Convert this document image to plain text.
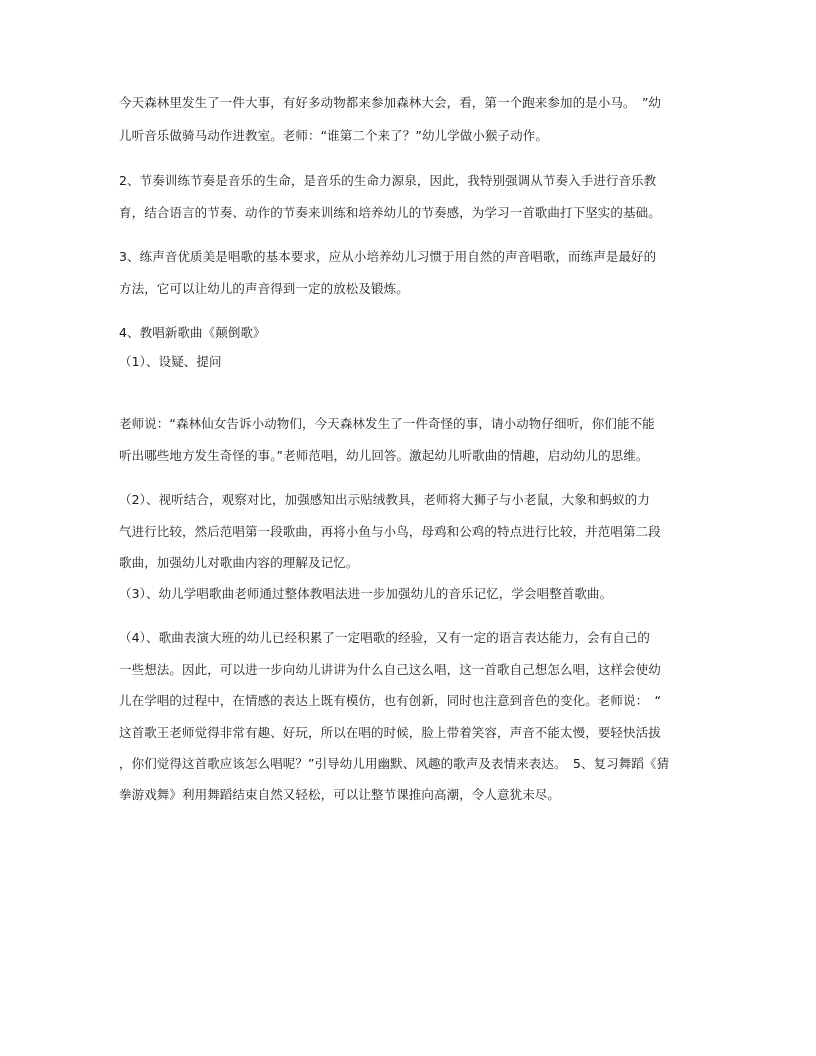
今天森林里发生了一件大事，有好多动物都来参加森林大会，看，第一个跑来参加的是小马。　”幼
儿听音乐做骑马动作进教室。老师：“谁第二个来了？”幼儿学做小猴子动作。
2、节奏训练节奏是音乐的生命，是音乐的生命力源泉，因此，我特别强调从节奏入手进行音乐教
育，结合语言的节奏、动作的节奏来训练和培养幼儿的节奏感，为学习一首歌曲打下坚实的基础。
3、练声音优质美是唱歌的基本要求，应从小培养幼儿习惯于用自然的声音唱歌，而练声是最好的
方法，它可以让幼儿的声音得到一定的放松及锻炼。
4、教唱新歌曲《颠倒歌》
（1）、设疑、提问
老师说：“森林仙女告诉小动物们，今天森林发生了一件奇怪的事，请小动物仔细听，你们能不能
听出哪些地方发生奇怪的事。”老师范唱，幼儿回答。激起幼儿听歌曲的情趣，启动幼儿的思维。
（2）、视听结合，观察对比，加强感知出示贴绒教具，老师将大狮子与小老鼠，大象和蚂蚁的力
气进行比较，然后范唱第一段歌曲，再将小鱼与小鸟，母鸡和公鸡的特点进行比较，并范唱第二段
歌曲，加强幼儿对歌曲内容的理解及记忆。
（3）、幼儿学唱歌曲老师通过整体教唱法进一步加强幼儿的音乐记忆，学会唱整首歌曲。
（4）、歌曲表演大班的幼儿已经积累了一定唱歌的经验，又有一定的语言表达能力，会有自己的
一些想法。因此，可以进一步向幼儿讲讲为什么自己这么唱，这一首歌自己想怎么唱，这样会使幼
儿在学唱的过程中，在情感的表达上既有模仿，也有创新，同时也注意到音色的变化。老师说：　“
这首歌王老师觉得非常有趣、好玩，所以在唱的时候，脸上带着笑容，声音不能太慢，要轻快活拔
，你们觉得这首歌应该怎么唱呢？”引导幼儿用幽默、风趣的歌声及表情来表达。　5、复习舞蹈《猜
拳游戏舞》利用舞蹈结束自然又轻松，可以让整节课推向高潮，令人意犹未尽。
